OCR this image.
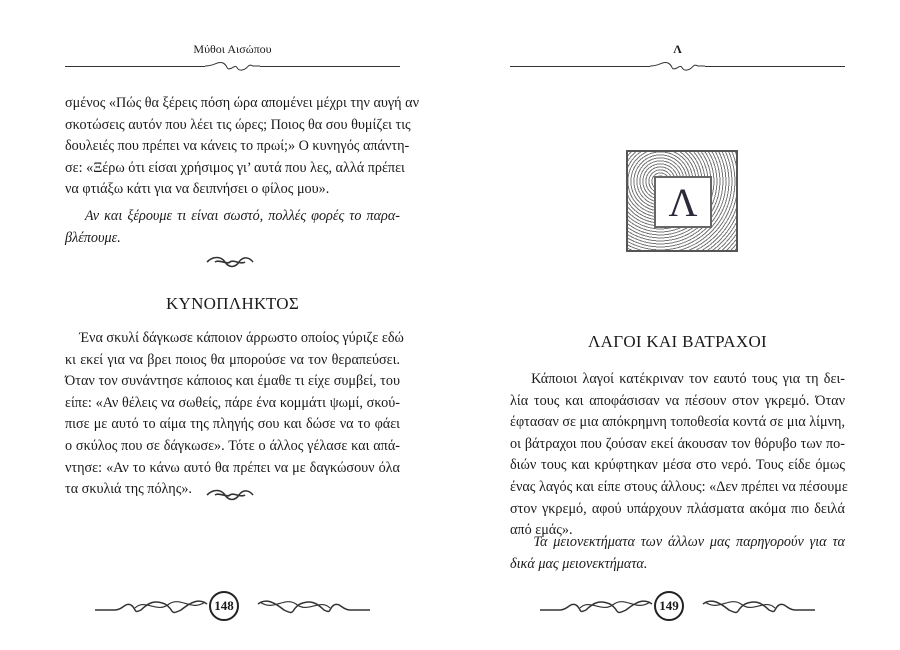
Μύθοι Αισώπου
σμένος «Πώς θα ξέρεις πόση ώρα απομένει μέχρι την αυγή αν
σκοτώσεις αυτόν που λέει τις ώρες; Ποιος θα σου θυμίζει τις
δουλειές που πρέπει να κάνεις το πρωί;» Ο κυνηγός απάντη-
σε: «Ξέρω ότι είσαι χρήσιμος γι’ αυτά που λες, αλλά πρέπει
να φτιάξω κάτι για να δειπνήσει ο φίλος μου».
Αν και ξέρουμε τι είναι σωστό, πολλές φορές το παρα-
βλέπουμε.
ΚΥΝΟΠΛΗΚΤΟΣ
Ένα σκυλί δάγκωσε κάποιον άρρωστο οποίος γύριζε εδώ
κι εκεί για να βρει ποιος θα μπορούσε να τον θεραπεύσει.
Όταν τον συνάντησε κάποιος και έμαθε τι είχε συμβεί, του
είπε: «Αν θέλεις να σωθείς, πάρε ένα κομμάτι ψωμί, σκού-
πισε με αυτό το αίμα της πληγής σου και δώσε να το φάει
ο σκύλος που σε δάγκωσε». Τότε ο άλλος γέλασε και απά-
ντησε: «Αν το κάνω αυτό θα πρέπει να με δαγκώσουν όλα
τα σκυλιά της πόλης».
148
Λ
Λ
ΛΑΓΟΙ ΚΑΙ ΒΑΤΡΑΧΟΙ
Κάποιοι λαγοί κατέκριναν τον εαυτό τους για τη δει-
λία τους και αποφάσισαν να πέσουν στον γκρεμό. Όταν
έφτασαν σε μια απόκρημνη τοποθεσία κοντά σε μια λίμνη,
οι βάτραχοι που ζούσαν εκεί άκουσαν τον θόρυβο των πο-
διών τους και κρύφτηκαν μέσα στο νερό. Τους είδε όμως
ένας λαγός και είπε στους άλλους: «Δεν πρέπει να πέσουμε
στον γκρεμό, αφού υπάρχουν πλάσματα ακόμα πιο δειλά
από εμάς».
Τα μειονεκτήματα των άλλων μας παρηγορούν για τα
δικά μας μειονεκτήματα.
149
